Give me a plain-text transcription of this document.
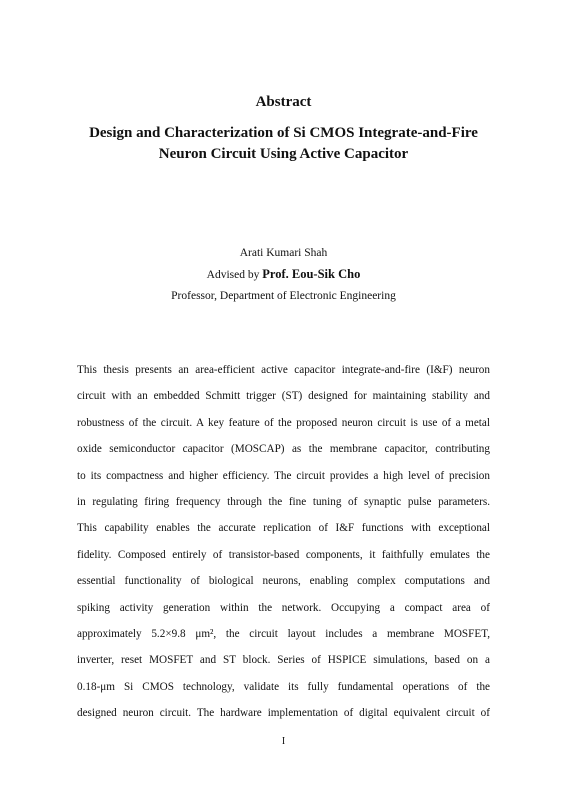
Abstract
Design and Characterization of Si CMOS Integrate-and-Fire
Neuron Circuit Using Active Capacitor
Arati Kumari Shah
Advised by Prof. Eou-Sik Cho
Professor, Department of Electronic Engineering
This thesis presents an area-efficient active capacitor integrate-and-fire (I&F) neuron
circuit with an embedded Schmitt trigger (ST) designed for maintaining stability and
robustness of the circuit. A key feature of the proposed neuron circuit is use of a metal
oxide semiconductor capacitor (MOSCAP) as the membrane capacitor, contributing
to its compactness and higher efficiency. The circuit provides a high level of precision
in regulating firing frequency through the fine tuning of synaptic pulse parameters.
This capability enables the accurate replication of I&F functions with exceptional
fidelity. Composed entirely of transistor-based components, it faithfully emulates the
essential functionality of biological neurons, enabling complex computations and
spiking activity generation within the network. Occupying a compact area of
approximately 5.2×9.8 μm², the circuit layout includes a membrane MOSFET,
inverter, reset MOSFET and ST block. Series of HSPICE simulations, based on a
0.18-μm Si CMOS technology, validate its fully fundamental operations of the
designed neuron circuit. The hardware implementation of digital equivalent circuit of
I
